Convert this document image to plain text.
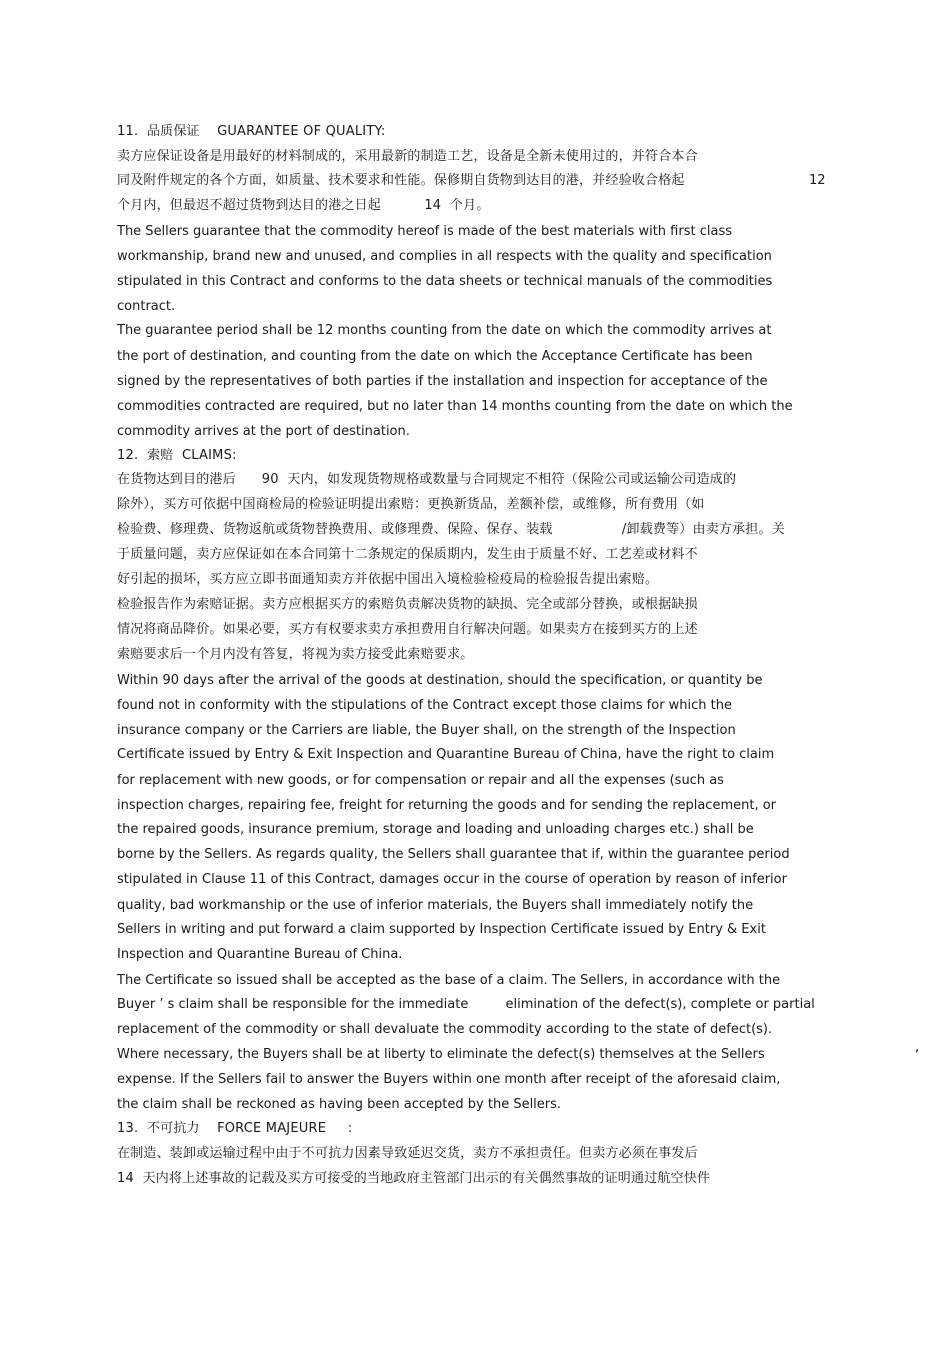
11.  品质保证    GUARANTEE OF QUALITY:
卖方应保证设备是用最好的材料制成的，采用最新的制造工艺，设备是全新未使用过的，并符合本合
同及附件规定的各个方面，如质量、技术要求和性能。保修期自货物到达目的港，并经验收合格起
个月内，但最迟不超过货物到达目的港之日起          14  个月。
The Sellers guarantee that the commodity hereof is made of the best materials with first class
workmanship, brand new and unused, and complies in all respects with the quality and specification
stipulated in this Contract and conforms to the data sheets or technical manuals of the commodities
contract.
The guarantee period shall be 12 months counting from the date on which the commodity arrives at
the port of destination, and counting from the date on which the Acceptance Certificate has been
signed by the representatives of both parties if the installation and inspection for acceptance of the
commodities contracted are required, but no later than 14 months counting from the date on which the
commodity arrives at the port of destination.
12.  索赔  CLAIMS:
在货物达到目的港后      90  天内，如发现货物规格或数量与合同规定不相符（保险公司或运输公司造成的
除外），买方可依据中国商检局的检验证明提出索赔：更换新货品，差额补偿，或维修，所有费用（如
检验费、修理费、货物返航或货物替换费用、或修理费、保险、保存、装载                /卸载费等）由卖方承担。关
于质量问题，卖方应保证如在本合同第十二条规定的保质期内，发生由于质量不好、工艺差或材料不
好引起的损坏，买方应立即书面通知卖方并依据中国出入境检验检疫局的检验报告提出索赔。
检验报告作为索赔证据。卖方应根据买方的索赔负责解决货物的缺损、完全或部分替换，或根据缺损
情况将商品降价。如果必要，买方有权要求卖方承担费用自行解决问题。如果卖方在接到买方的上述
索赔要求后一个月内没有答复，将视为卖方接受此索赔要求。
Within 90 days after the arrival of the goods at destination, should the specification, or quantity be
found not in conformity with the stipulations of the Contract except those claims for which the
insurance company or the Carriers are liable, the Buyer shall, on the strength of the Inspection
Certificate issued by Entry & Exit Inspection and Quarantine Bureau of China, have the right to claim
for replacement with new goods, or for compensation or repair and all the expenses (such as
inspection charges, repairing fee, freight for returning the goods and for sending the replacement, or
the repaired goods, insurance premium, storage and loading and unloading charges etc.) shall be
borne by the Sellers. As regards quality, the Sellers shall guarantee that if, within the guarantee period
stipulated in Clause 11 of this Contract, damages occur in the course of operation by reason of inferior
quality, bad workmanship or the use of inferior materials, the Buyers shall immediately notify the
Sellers in writing and put forward a claim supported by Inspection Certificate issued by Entry & Exit
Inspection and Quarantine Bureau of China.
The Certificate so issued shall be accepted as the base of a claim. The Sellers, in accordance with the
Buyer ’ s claim shall be responsible for the immediate         elimination of the defect(s), complete or partial
replacement of the commodity or shall devaluate the commodity according to the state of defect(s).
Where necessary, the Buyers shall be at liberty to eliminate the defect(s) themselves at the Sellers
expense. If the Sellers fail to answer the Buyers within one month after receipt of the aforesaid claim,
the claim shall be reckoned as having been accepted by the Sellers.
13.  不可抗力    FORCE MAJEURE     :
在制造、装卸或运输过程中由于不可抗力因素导致延迟交货，卖方不承担责任。但卖方必须在事发后
14  天内将上述事故的记载及买方可接受的当地政府主管部门出示的有关偶然事故的证明通过航空快件
12
,
